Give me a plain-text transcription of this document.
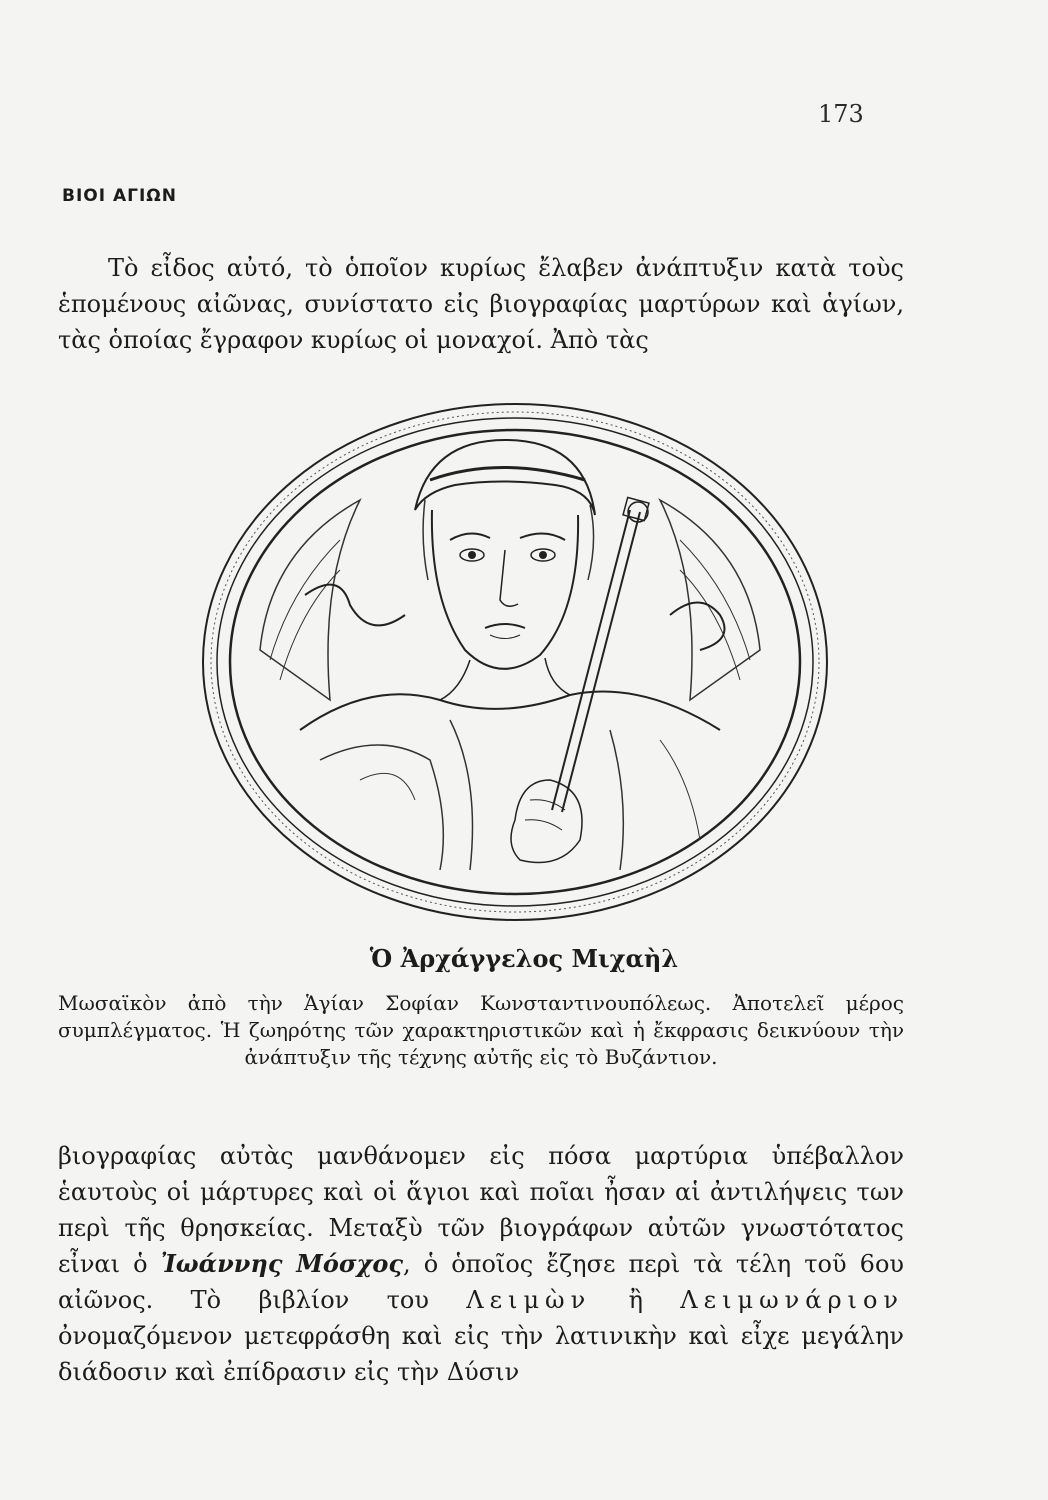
173
ΒΙΟΙ ΑΓΙΩΝ

Τὸ εἶδος αὐτό, τὸ ὁποῖον κυρίως ἔλαβεν ἀνάπτυξιν κατὰ τοὺς ἑπομένους αἰῶνας, συνίστατο εἰς βιογραφίας μαρτύρων καὶ ἁγίων, τὰς ὁποίας ἔγραφον κυρίως οἱ μοναχοί. Ἀπὸ τὰς

Ὁ Ἀρχάγγελος Μιχαὴλ

Μωσαϊκὸν ἀπὸ τὴν Ἁγίαν Σοφίαν Κωνσταντινουπόλεως. Ἀποτελεῖ μέρος συμπλέγματος. Ἡ ζωηρότης τῶν χαρακτηριστικῶν καὶ ἡ ἔκφρασις δεικνύουν τὴν ἀνάπτυξιν τῆς τέχνης αὐτῆς εἰς τὸ Βυζάντιον.

βιογραφίας αὐτὰς μανθάνομεν εἰς πόσα μαρτύρια ὑπέβαλλον ἑαυτοὺς οἱ μάρτυρες καὶ οἱ ἅγιοι καὶ ποῖαι ἦσαν αἱ ἀντιλήψεις των περὶ τῆς θρησκείας. Μεταξὺ τῶν βιογράφων αὐτῶν γνωστότατος εἶναι ὁ Ἰωάννης Μόσχος, ὁ ὁποῖος ἔζησε περὶ τὰ τέλη τοῦ 6ου αἰῶνος. Τὸ βιβλίον του Λειμὼν ἢ Λειμωνάριον ὀνομαζόμενον μετεφράσθη καὶ εἰς τὴν λατινικὴν καὶ εἶχε μεγάλην διάδοσιν καὶ ἐπίδρασιν εἰς τὴν Δύσιν
